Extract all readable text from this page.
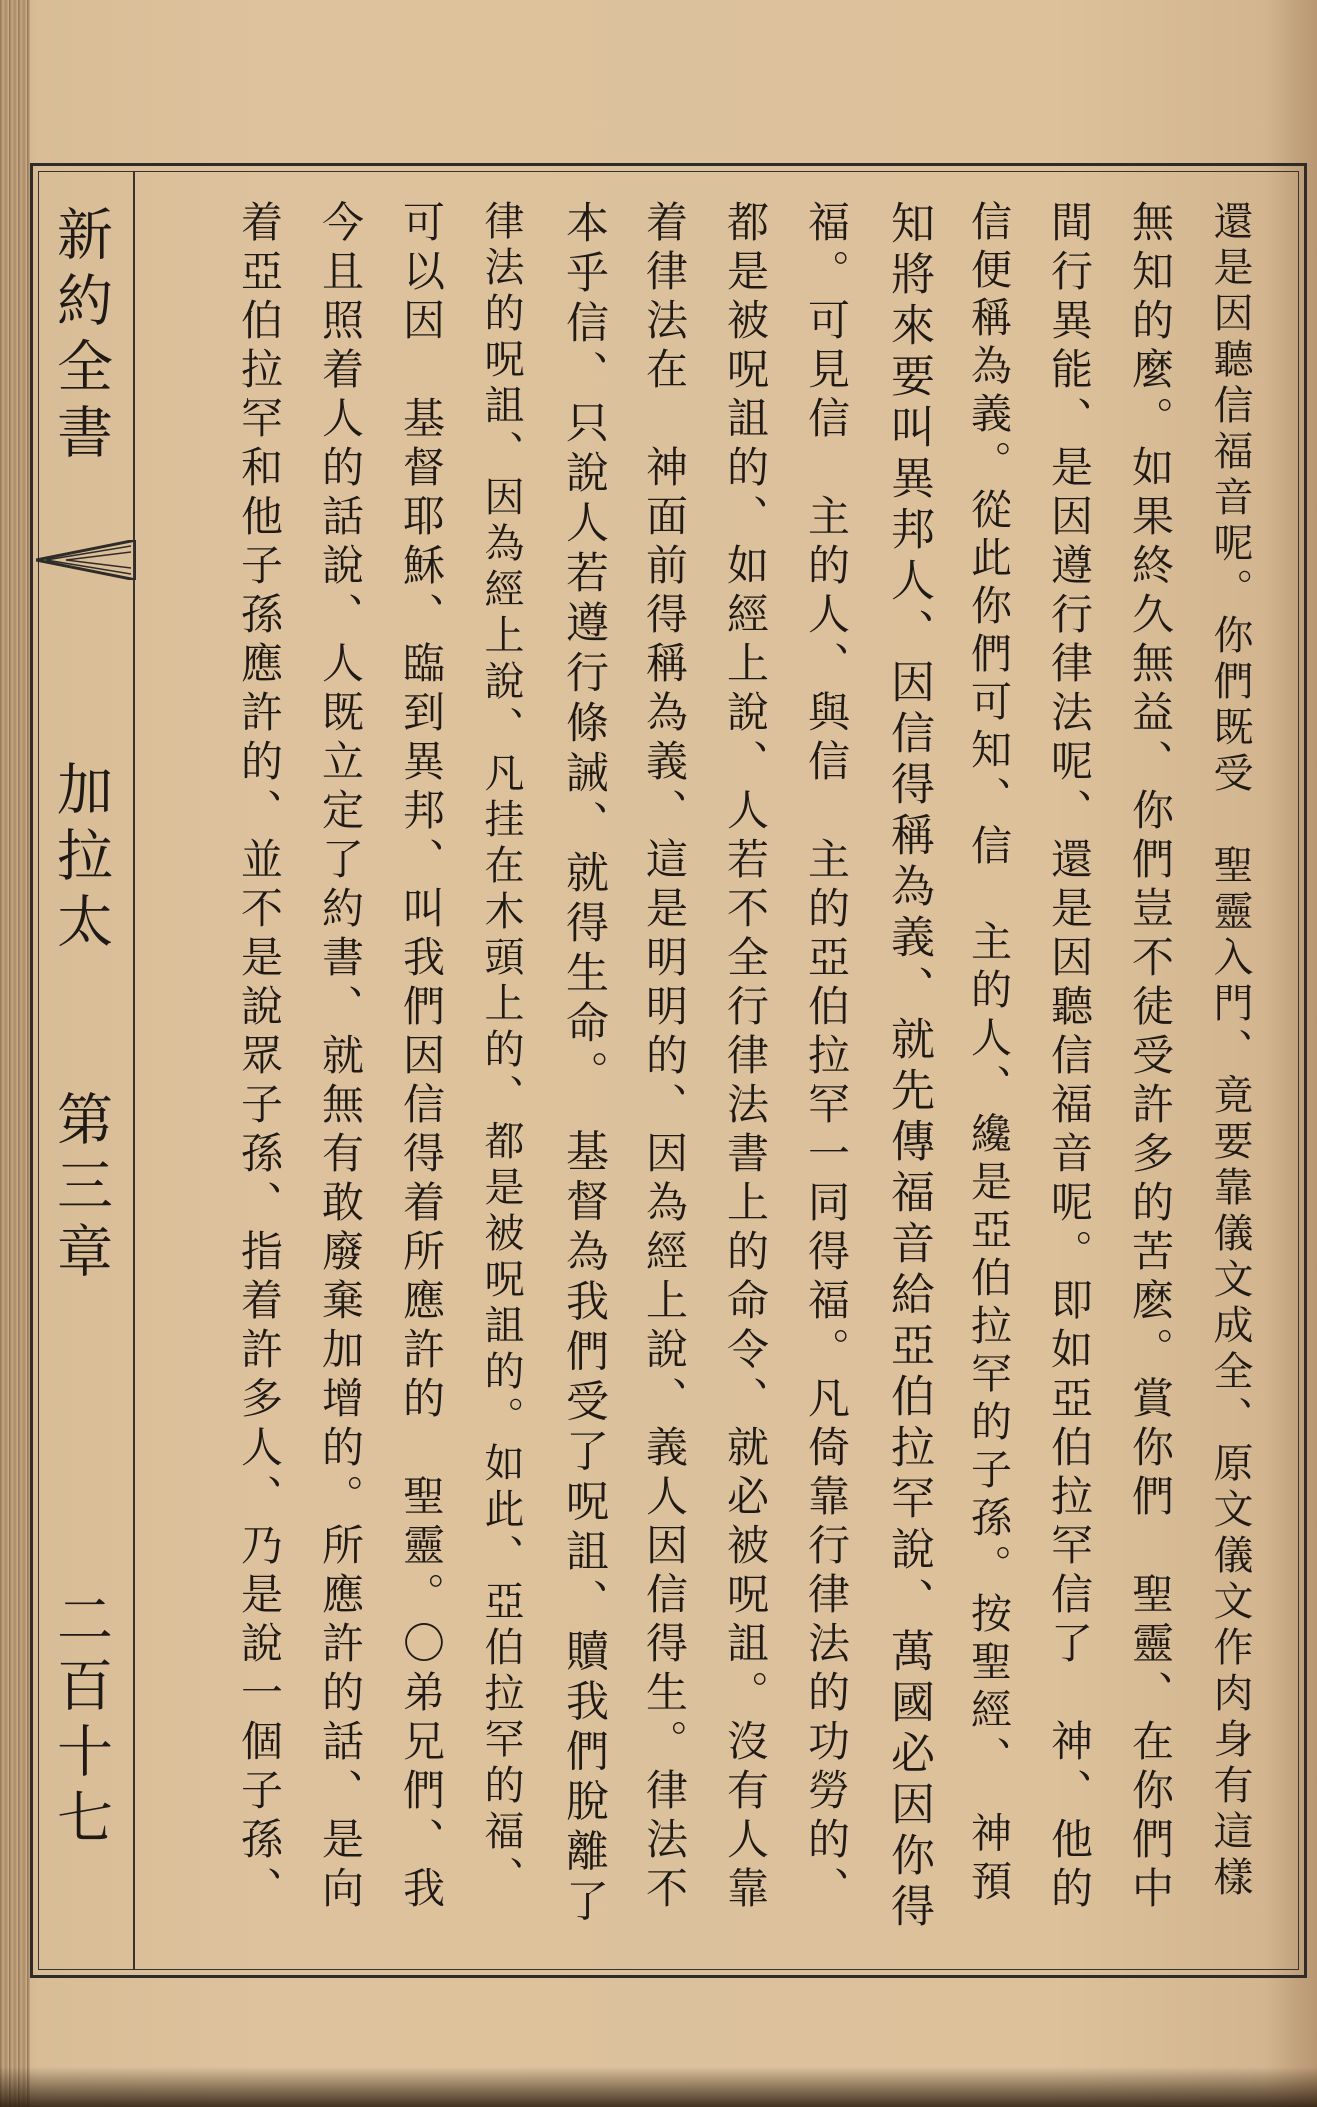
新約全書
加拉太
第三章
二百十七	還是因聽信福音呢。你們既受　聖靈入門、竟要靠儀文成全、原文儀文作肉身有這樣
無知的麼。如果終久無益、你們豈不徒受許多的苦麽。賞你們　聖靈、在你們中
間行異能、是因遵行律法呢、還是因聽信福音呢。即如亞伯拉罕信了　神、他的
信便稱為義。從此你們可知、信　主的人、纔是亞伯拉罕的子孫。按聖經、　神預
知將來要叫異邦人、因信得稱為義、就先傳福音給亞伯拉罕說、萬國必因你得
福。可見信　主的人、與信　主的亞伯拉罕一同得福。凡倚靠行律法的功勞的、
都是被呪詛的、如經上說、人若不全行律法書上的命令、就必被呪詛。沒有人靠
着律法在　神面前得稱為義、這是明明的、因為經上說、義人因信得生。律法不
本乎信、只說人若遵行條誡、就得生命。　基督為我們受了呪詛、贖我們脫離了
律法的呪詛、因為經上說、凡挂在木頭上的、都是被呪詛的。如此、亞伯拉罕的福、
可以因　基督耶穌、臨到異邦、叫我們因信得着所應許的　聖靈。〇弟兄們、我
今且照着人的話說、人既立定了約書、就無有敢廢棄加增的。所應許的話、是向
着亞伯拉罕和他子孫應許的、並不是說眾子孫、指着許多人、乃是說一個子孫、
